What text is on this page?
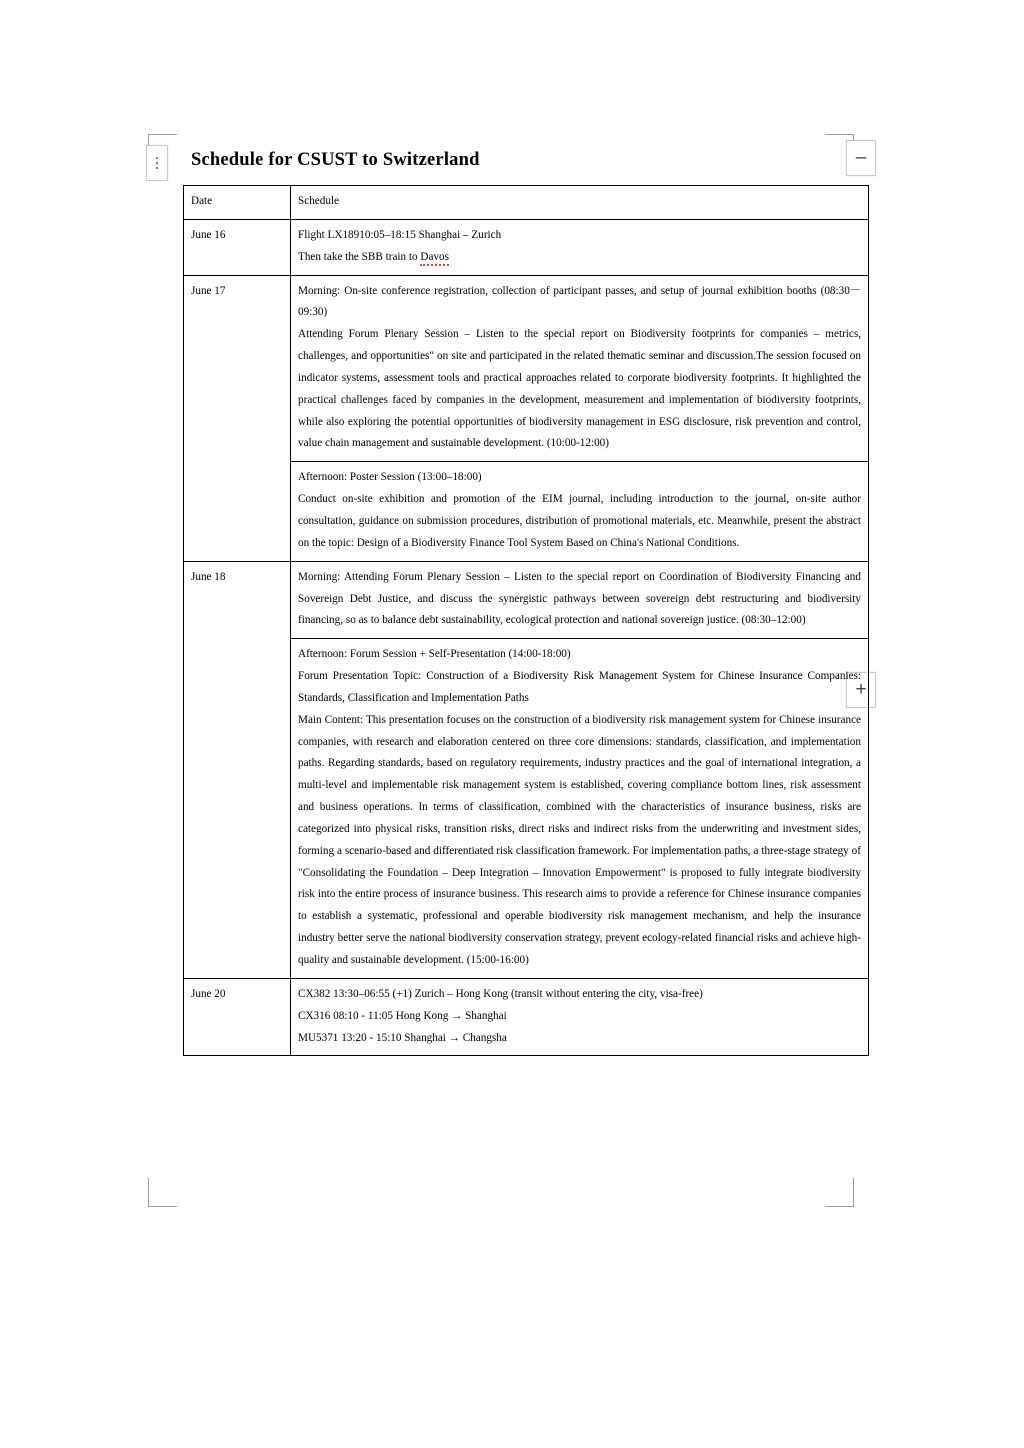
–
+
Schedule for CSUST to Switzerland
Date	Schedule
June 16	Flight LX18910:05–18:15 Shanghai – Zurich

Then take the SBB train to Davos

June 17	Morning: On-site conference registration, collection of participant passes, and setup of journal exhibition booths (08:30－09:30)

Attending Forum Plenary Session – Listen to the special report on Biodiversity footprints for companies – metrics, challenges, and opportunities" on site and participated in the related thematic seminar and discussion.The session focused on indicator systems, assessment tools and practical approaches related to corporate biodiversity footprints. It highlighted the practical challenges faced by companies in the development, measurement and implementation of biodiversity footprints, while also exploring the potential opportunities of biodiversity management in ESG disclosure, risk prevention and control, value chain management and sustainable development. (10:00-12:00)

	Afternoon: Poster Session (13:00–18:00)

Conduct on-site exhibition and promotion of the EIM journal, including introduction to the journal, on-site author consultation, guidance on submission procedures, distribution of promotional materials, etc. Meanwhile, present the abstract on the topic: Design of a Biodiversity Finance Tool System Based on China's National Conditions.

June 18	Morning: Attending Forum Plenary Session – Listen to the special report on Coordination of Biodiversity Financing and Sovereign Debt Justice, and discuss the synergistic pathways between sovereign debt restructuring and biodiversity financing, so as to balance debt sustainability, ecological protection and national sovereign justice. (08:30–12:00)

	Afternoon: Forum Session + Self-Presentation (14:00-18:00)

Forum Presentation Topic: Construction of a Biodiversity Risk Management System for Chinese Insurance Companies: Standards, Classification and Implementation Paths

Main Content: This presentation focuses on the construction of a biodiversity risk management system for Chinese insurance companies, with research and elaboration centered on three core dimensions: standards, classification, and implementation paths. Regarding standards, based on regulatory requirements, industry practices and the goal of international integration, a multi-level and implementable risk management system is established, covering compliance bottom lines, risk assessment and business operations. In terms of classification, combined with the characteristics of insurance business, risks are categorized into physical risks, transition risks, direct risks and indirect risks from the underwriting and investment sides, forming a scenario-based and differentiated risk classification framework. For implementation paths, a three-stage strategy of "Consolidating the Foundation – Deep Integration – Innovation Empowerment" is proposed to fully integrate biodiversity risk into the entire process of insurance business. This research aims to provide a reference for Chinese insurance companies to establish a systematic, professional and operable biodiversity risk management mechanism, and help the insurance industry better serve the national biodiversity conservation strategy, prevent ecology-related financial risks and achieve high-quality and sustainable development. (15:00-16:00)

June 20	CX382 13:30–06:55 (+1) Zurich – Hong Kong (transit without entering the city, visa-free)

CX316 08:10 - 11:05 Hong Kong → Shanghai

MU5371 13:20 - 15:10 Shanghai → Changsha
